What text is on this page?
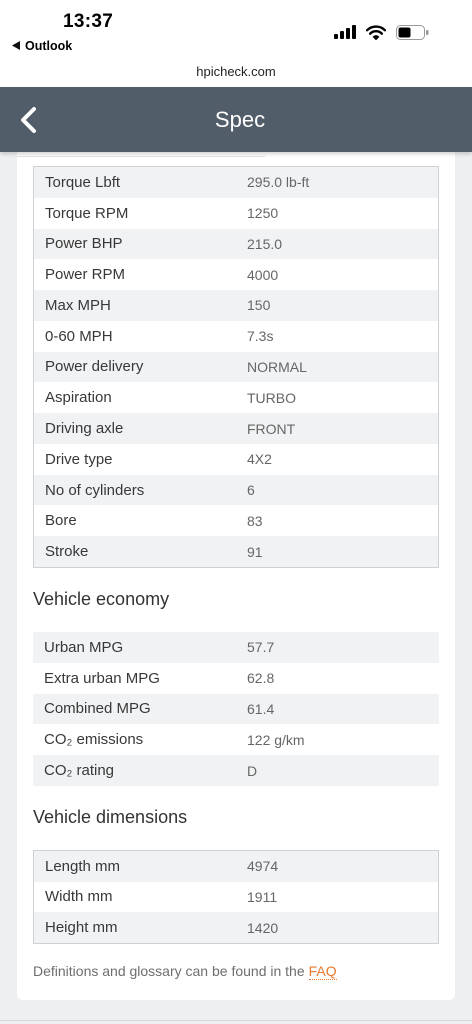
13:37
Outlook
hpicheck.com
Spec
Torque Lbft	295.0 lb-ft
Torque RPM	1250
Power BHP	215.0
Power RPM	4000
Max MPH	150
0-60 MPH	7.3s
Power delivery	NORMAL
Aspiration	TURBO
Driving axle	FRONT
Drive type	4X2
No of cylinders	6
Bore	83
Stroke	91
Vehicle economy
Urban MPG	57.7
Extra urban MPG	62.8
Combined MPG	61.4
CO₂ emissions	122 g/km
CO₂ rating	D
Vehicle dimensions
Length mm	4974
Width mm	1911
Height mm	1420
Definitions and glossary can be found in the FAQ
